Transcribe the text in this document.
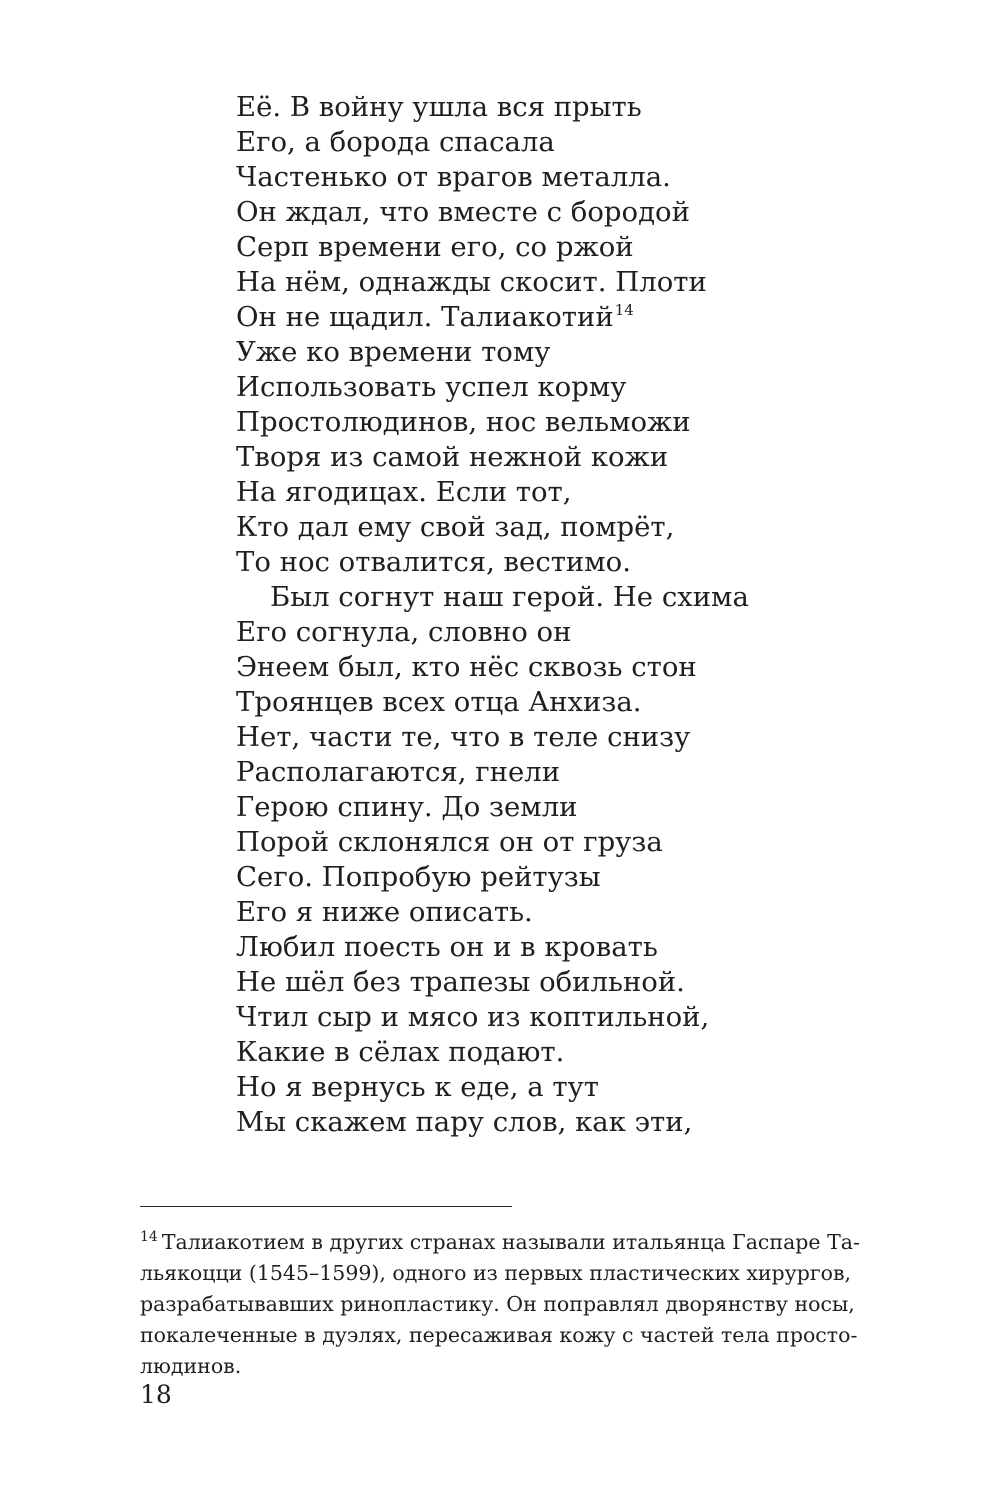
Её. В войну ушла вся прыть
Его, а борода спасала
Частенько от врагов металла.
Он ждал, что вместе с бородой
Серп времени его, со ржой
На нём, однажды скосит. Плоти
Он не щадил. Талиакотий$^{14}$
Уже ко времени тому
Использовать успел корму
Простолюдинов, нос вельможи
Творя из самой нежной кожи
На ягодицах. Если тот,
Кто дал ему свой зад, помрёт,
То нос отвалится, вестимо.
Был согнут наш герой. Не схима
Его согнула, словно он
Энеем был, кто нёс сквозь стон
Троянцев всех отца Анхиза.
Нет, части те, что в теле снизу
Располагаются, гнели
Герою спину. До земли
Порой склонялся он от груза
Сего. Попробую рейтузы
Его я ниже описать.
Любил поесть он и в кровать
Не шёл без трапезы обильной.
Чтил сыр и мясо из коптильной,
Какие в сёлах подают.
Но я вернусь к еде, а тут
Мы скажем пару слов, как эти,
$^{14}$ Талиакотием в других странах называли итальянца Гаспаре Та-
льякоцци (1545–1599), одного из первых пластических хирургов,
разрабатывавших ринопластику. Он поправлял дворянству носы,
покалеченные в дуэлях, пересаживая кожу с частей тела просто-
людинов.
18
